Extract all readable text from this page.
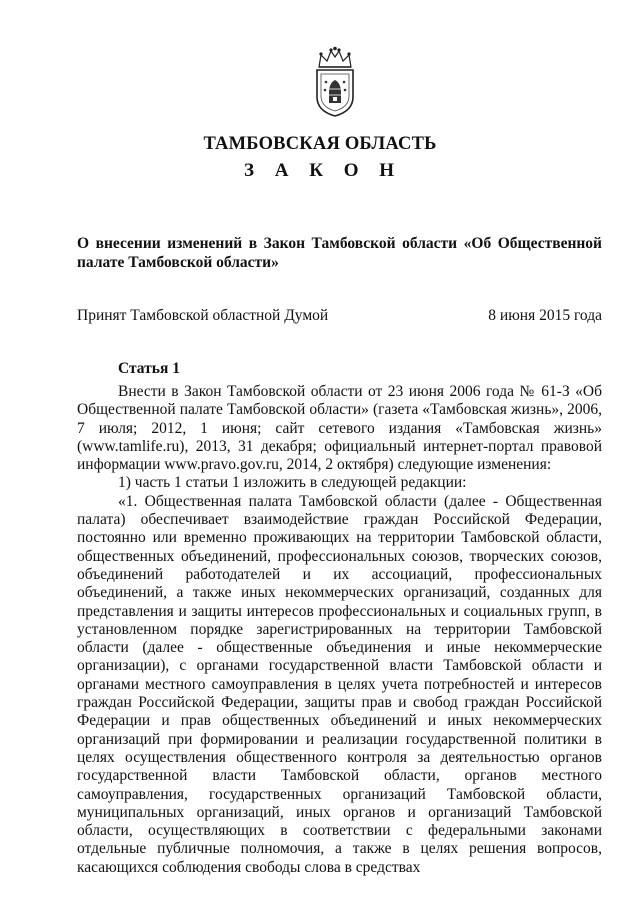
ТАМБОВСКАЯ ОБЛАСТЬ
З А К О Н
О внесении изменений в Закон Тамбовской области «Об Общественной палате Тамбовской области»
Принят Тамбовской областной Думой	8 июня 2015 года
Статья 1

Внести в Закон Тамбовской области от 23 июня 2006 года № 61-З «Об Общественной палате Тамбовской области» (газета «Тамбовская жизнь», 2006, 7 июля; 2012, 1 июня; сайт сетевого издания «Тамбовская жизнь» (www.tamlife.ru), 2013, 31 декабря; официальный интернет-портал правовой информации www.pravo.gov.ru, 2014, 2 октября) следующие изменения:

1) часть 1 статьи 1 изложить в следующей редакции:

«1. Общественная палата Тамбовской области (далее - Общественная палата) обеспечивает взаимодействие граждан Российской Федерации, постоянно или временно проживающих на территории Тамбовской области, общественных объединений, профессиональных союзов, творческих союзов, объединений работодателей и их ассоциаций, профессиональных объединений, а также иных некоммерческих организаций, созданных для представления и защиты интересов профессиональных и социальных групп, в установленном порядке зарегистрированных на территории Тамбовской области (далее - общественные объединения и иные некоммерческие организации), с органами государственной власти Тамбовской области и органами местного самоуправления в целях учета потребностей и интересов граждан Российской Федерации, защиты прав и свобод граждан Российской Федерации и прав общественных объединений и иных некоммерческих организаций при формировании и реализации государственной политики в целях осуществления общественного контроля за деятельностью органов государственной власти Тамбовской области, органов местного самоуправления, государственных организаций Тамбовской области, муниципальных организаций, иных органов и организаций Тамбовской области, осуществляющих в соответствии с федеральными законами отдельные публичные полномочия, а также в целях решения вопросов, касающихся соблюдения свободы слова в средствах
